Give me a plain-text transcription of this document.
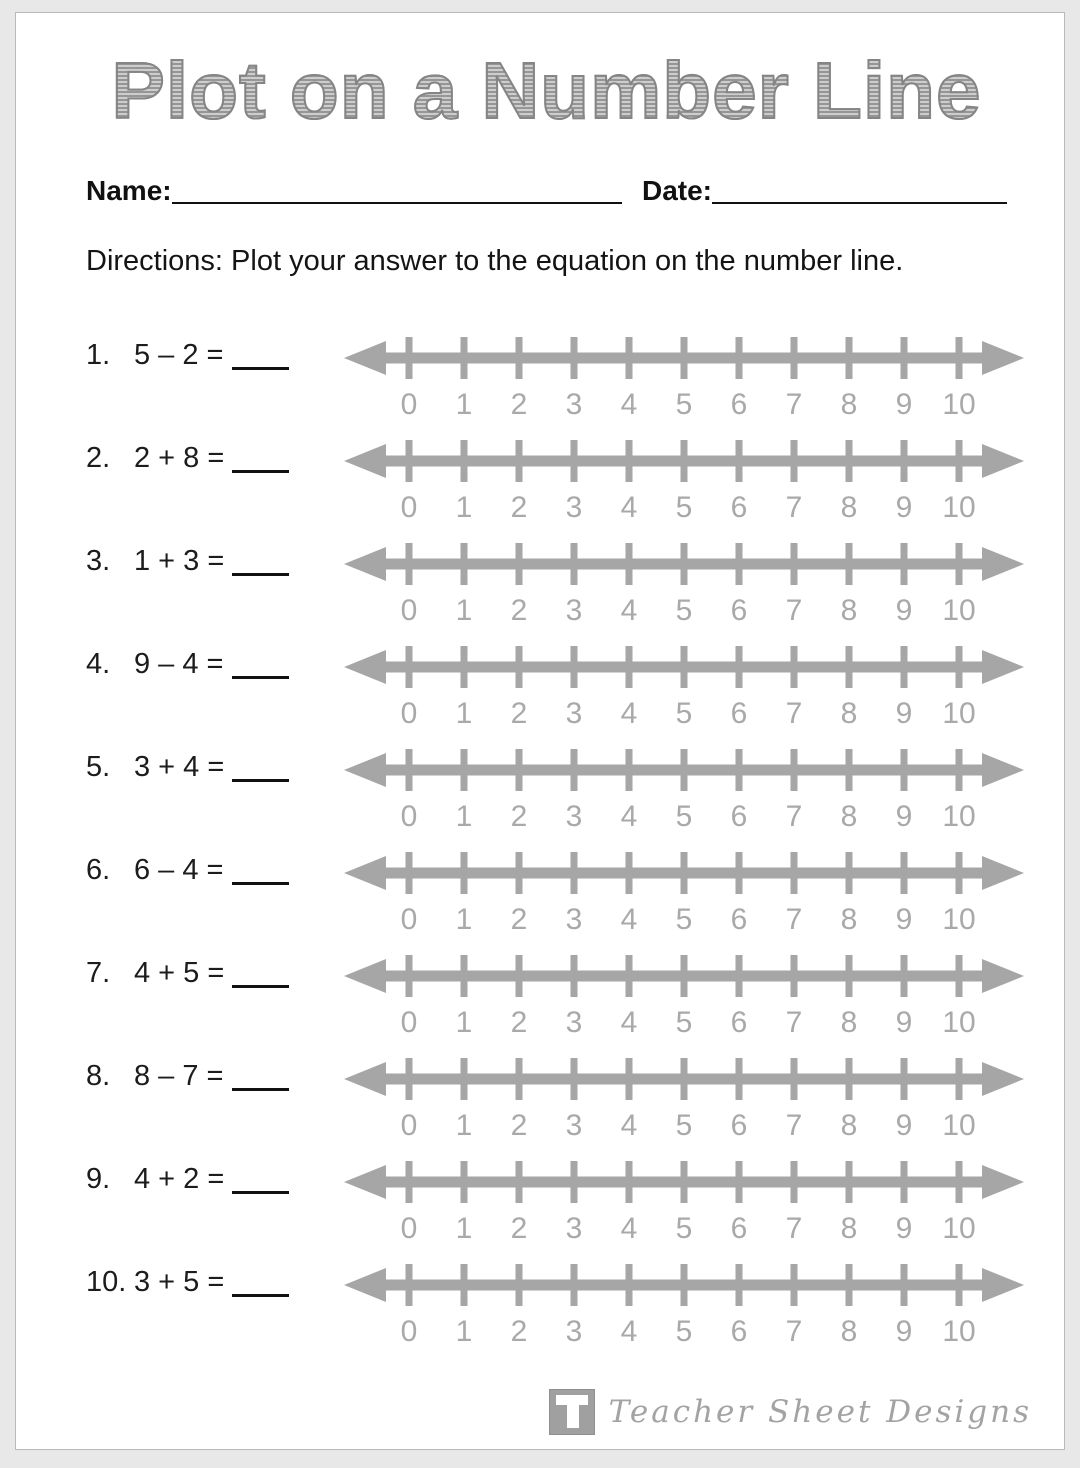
Plot on a Number Line
Name:	Date:

Directions: Plot your answer to the equation on the number line.

1. 5 – 2 =
0 1 2 3 4 5 6 7 8 9 10
2. 2 + 8 =
0 1 2 3 4 5 6 7 8 9 10
3. 1 + 3 =
0 1 2 3 4 5 6 7 8 9 10
4. 9 – 4 =
0 1 2 3 4 5 6 7 8 9 10
5. 3 + 4 =
0 1 2 3 4 5 6 7 8 9 10
6. 6 – 4 =
0 1 2 3 4 5 6 7 8 9 10
7. 4 + 5 =
0 1 2 3 4 5 6 7 8 9 10
8. 8 – 7 =
0 1 2 3 4 5 6 7 8 9 10
9. 4 + 2 =
0 1 2 3 4 5 6 7 8 9 10
10. 3 + 5 =
0 1 2 3 4 5 6 7 8 9 10
Teacher Sheet Designs
